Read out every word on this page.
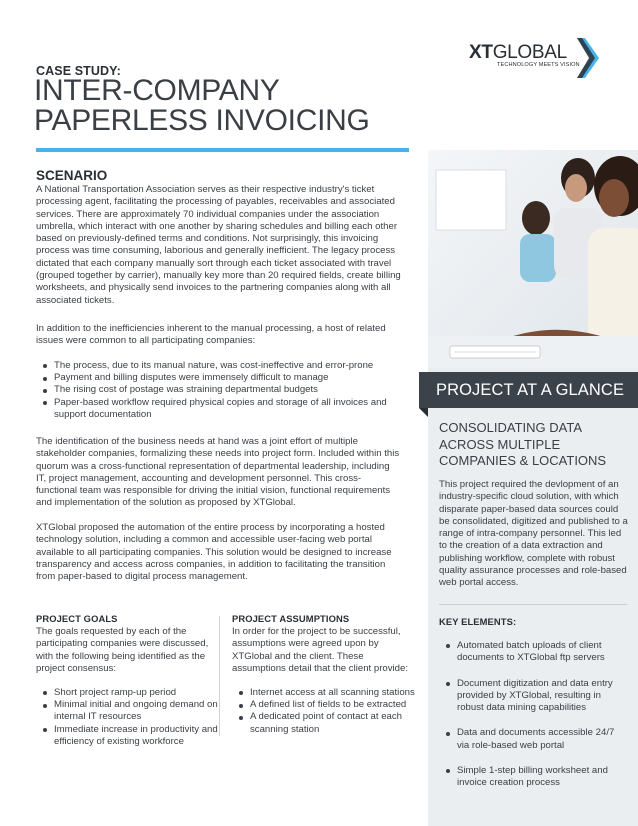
XTGLOBAL
TECHNOLOGY MEETS VISION
CASE STUDY:
INTER-COMPANY
PAPERLESS INVOICING
SCENARIO

A National Transportation Association serves as their respective industry's ticket processing agent, facilitating the processing of payables, receivables and associated services. There are approximately 70 individual companies under the association umbrella, which interact with one another by sharing schedules and billing each other based on previously-defined terms and conditions. Not surprisingly, this invoicing process was time consuming, laborious and generally inefficient. The legacy process dictated that each company manually sort through each ticket associated with travel (grouped together by carrier), manually key more than 20 required fields, create billing worksheets, and physically send invoices to the partnering companies along with all associated tickets.

In addition to the inefficiencies inherent to the manual processing, a host of related issues were common to all participating companies:

The process, due to its manual nature, was cost-ineffective and error-prone
Payment and billing disputes were immensely difficult to manage
The rising cost of postage was straining departmental budgets
Paper-based workflow required physical copies and storage of all invoices and support documentation

The identification of the business needs at hand was a joint effort of multiple stakeholder companies, formalizing these needs into project form. Included within this quorum was a cross-functional representation of departmental leadership, including IT, project management, accounting and development personnel. This cross-functional team was responsible for driving the initial vision, functional requirements and implementation of the solution as proposed by XTGlobal.

XTGlobal proposed the automation of the entire process by incorporating a hosted technology solution, including a common and accessible user-facing web portal available to all participating companies. This solution would be designed to increase transparency and access across companies, in addition to facilitating the transition from paper-based to digital process management.

PROJECT GOALS

The goals requested by each of the participating companies were discussed, with the following being identified as the project consensus:

Short project ramp-up period
Minimal initial and ongoing demand on internal IT resources
Immediate increase in productivity and efficiency of existing workforce
PROJECT ASSUMPTIONS

In order for the project to be successful, assumptions were agreed upon by XTGlobal and the client. These assumptions detail that the client provide:

Internet access at all scanning stations
A defined list of fields to be extracted
A dedicated point of contact at each scanning station
PROJECT AT A GLANCE
CONSOLIDATING DATA ACROSS MULTIPLE COMPANIES & LOCATIONS

This project required the devlopment of an industry-specific cloud solution, with which disparate paper-based data sources could be consolidated, digitized and published to a range of intra-company personnel. This led to the creation of a data extraction and publishing workflow, complete with robust quality assurance processes and role-based web portal access.

KEY ELEMENTS:
Automated batch uploads of client documents to XTGlobal ftp servers
Document digitization and data entry provided by XTGlobal, resulting in robust data mining capabilities
Data and documents accessible 24/7 via role-based web portal
Simple 1-step billing worksheet and invoice creation process
